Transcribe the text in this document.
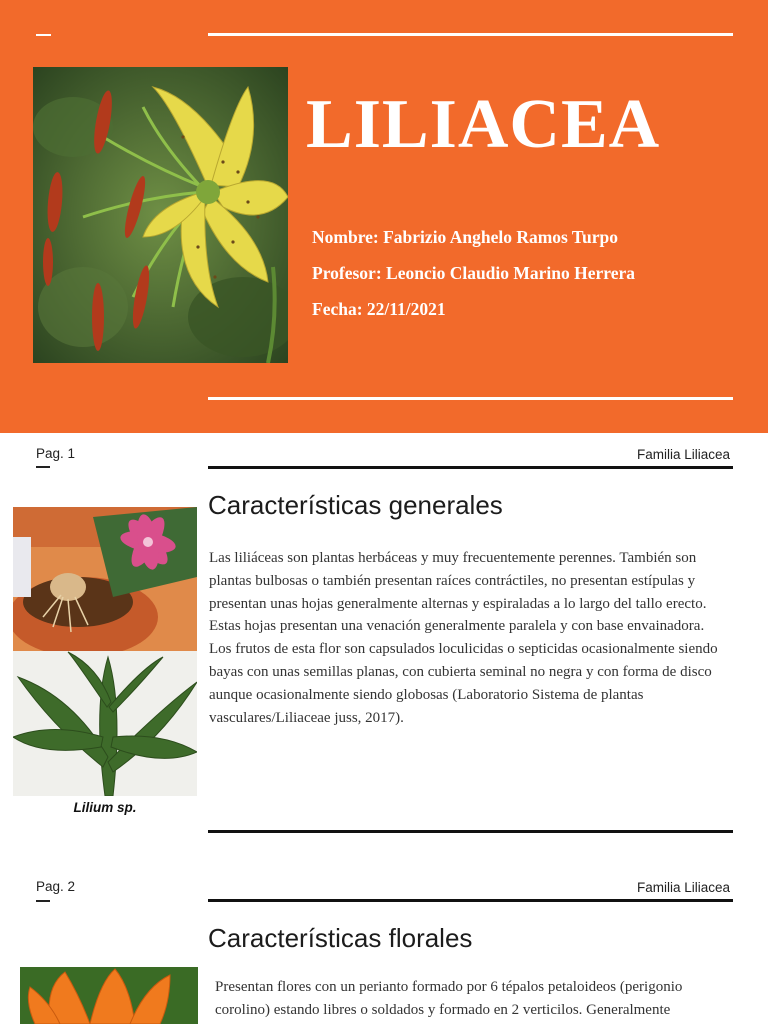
LILIACEA

Nombre: Fabrizio Anghelo Ramos Turpo

Profesor: Leoncio Claudio Marino Herrera

Fecha: 22/11/2021

Pag. 1	Familia Liliacea

Lilium sp.

Características generales

Las liliáceas son plantas herbáceas y muy frecuentemente perennes. También son plantas bulbosas o también presentan raíces contráctiles, no presentan estípulas y presentan unas hojas generalmente alternas y espiraladas a lo largo del tallo erecto. Estas hojas presentan una venación generalmente paralela y con base envainadora. Los frutos de esta flor son capsulados loculicidas o septicidas ocasionalmente siendo bayas con unas semillas planas, con cubierta seminal no negra y con forma de disco aunque ocasionalmente siendo globosas (Laboratorio Sistema de plantas vasculares/Liliaceae juss, 2017).

Pag. 2	Familia Liliacea
Características florales

Presentan flores con un perianto formado por 6 tépalos petaloideos (perigonio corolino) estando libres o soldados y formado en 2 verticilos. Generalmente
